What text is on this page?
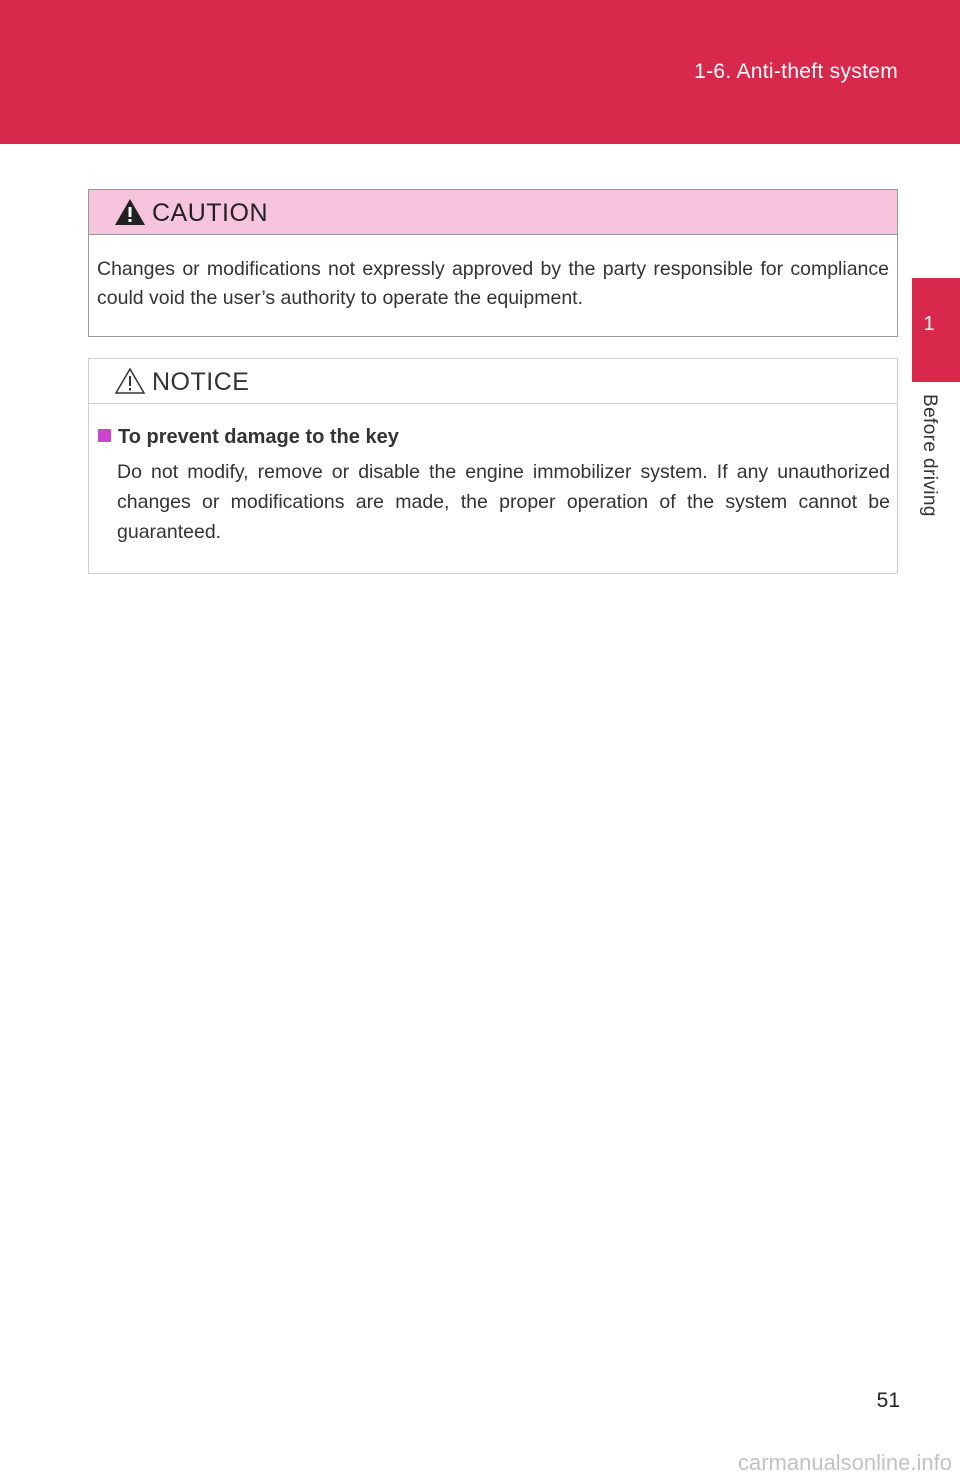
1-6. Anti-theft system
1
Before driving
CAUTION
Changes or modifications not expressly approved by the party responsible for compliance could void the user’s authority to operate the equipment.
NOTICE
To prevent damage to the key
Do not modify, remove or disable the engine immobilizer system. If any unauthorized changes or modifications are made, the proper operation of the system cannot be guaranteed.
51
carmanualsonline.info
